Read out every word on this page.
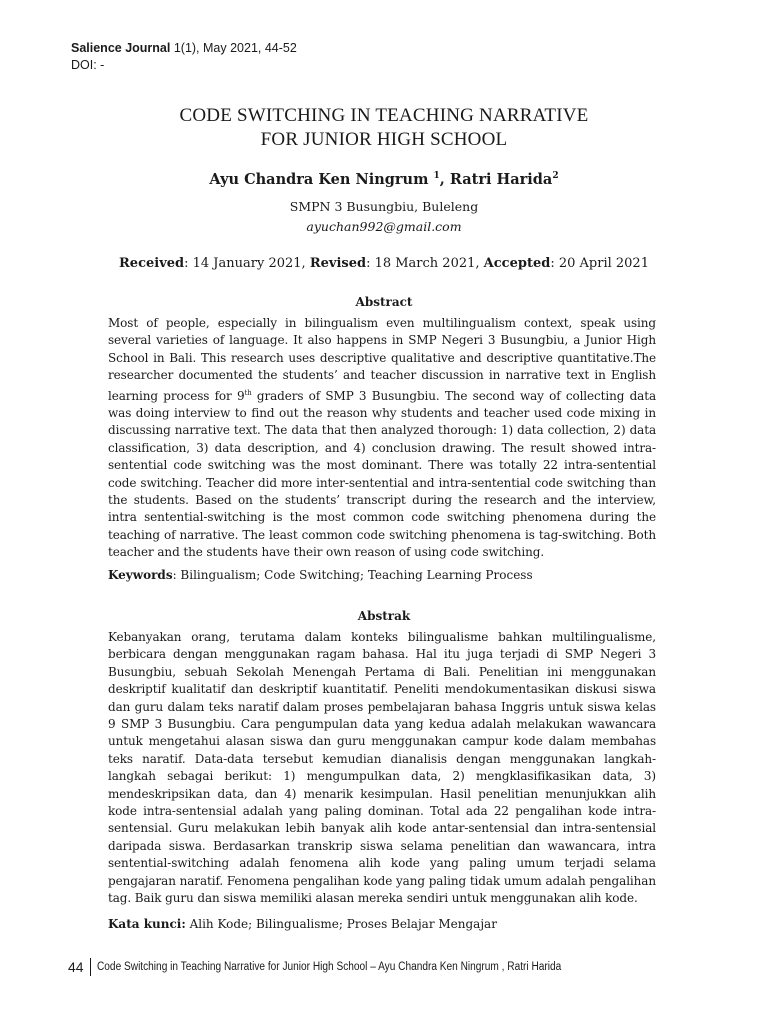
Salience Journal 1(1), May 2021, 44-52
DOI: -
CODE SWITCHING IN TEACHING NARRATIVE
FOR JUNIOR HIGH SCHOOL
Ayu Chandra Ken Ningrum $^1$, Ratri Harida$^2$
SMPN 3 Busungbiu, Buleleng
ayuchan992@gmail.com
Received: 14 January 2021, Revised: 18 March 2021, Accepted: 20 April 2021
Abstract
Most of people, especially in bilingualism even multilingualism context, speak using several varieties of language. It also happens in SMP Negeri 3 Busungbiu, a Junior High School in Bali. This research uses descriptive qualitative and descriptive quantitative.The researcher documented the students’ and teacher discussion in narrative text in English learning process for 9th graders of SMP 3 Busungbiu. The second way of collecting data was doing interview to find out the reason why students and teacher used code mixing in discussing narrative text. The data that then analyzed thorough: 1) data collection, 2) data classification, 3) data description, and 4) conclusion drawing. The result showed intra-sentential code switching was the most dominant. There was totally 22 intra-sentential code switching. Teacher did more inter-sentential and intra-sentential code switching than the students. Based on the students’ transcript during the research and the interview, intra sentential-switching is the most common code switching phenomena during the teaching of narrative. The least common code switching phenomena is tag-switching. Both teacher and the students have their own reason of using code switching.
Keywords: Bilingualism; Code Switching; Teaching Learning Process
Abstrak
Kebanyakan orang, terutama dalam konteks bilingualisme bahkan multilingualisme, berbicara dengan menggunakan ragam bahasa. Hal itu juga terjadi di SMP Negeri 3 Busungbiu, sebuah Sekolah Menengah Pertama di Bali. Penelitian ini menggunakan deskriptif kualitatif dan deskriptif kuantitatif. Peneliti mendokumentasikan diskusi siswa dan guru dalam teks naratif dalam proses pembelajaran bahasa Inggris untuk siswa kelas 9 SMP 3 Busungbiu. Cara pengumpulan data yang kedua adalah melakukan wawancara untuk mengetahui alasan siswa dan guru menggunakan campur kode dalam membahas teks naratif. Data-data tersebut kemudian dianalisis dengan menggunakan langkah-langkah sebagai berikut: 1) mengumpulkan data, 2) mengklasifikasikan data, 3) mendeskripsikan data, dan 4) menarik kesimpulan. Hasil penelitian menunjukkan alih kode intra-sentensial adalah yang paling dominan. Total ada 22 pengalihan kode intra-sentensial. Guru melakukan lebih banyak alih kode antar-sentensial dan intra-sentensial daripada siswa. Berdasarkan transkrip siswa selama penelitian dan wawancara, intra sentential-switching adalah fenomena alih kode yang paling umum terjadi selama pengajaran naratif. Fenomena pengalihan kode yang paling tidak umum adalah pengalihan tag. Baik guru dan siswa memiliki alasan mereka sendiri untuk menggunakan alih kode.
Kata kunci: Alih Kode; Bilingualisme; Proses Belajar Mengajar
44	Code Switching in Teaching Narrative for Junior High School – Ayu Chandra Ken Ningrum , Ratri Harida
